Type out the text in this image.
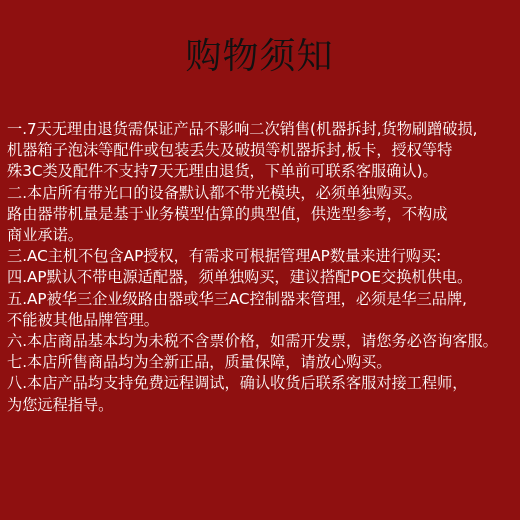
购物须知
一.7天无理由退货需保证产品不影响二次销售(机器拆封,货物刷蹭破损,
机器箱子泡沫等配件或包装丢失及破损等机器拆封,板卡，授权等特
殊3C类及配件不支持7天无理由退货，下单前可联系客服确认)。
二.本店所有带光口的设备默认都不带光模块，必须单独购买。
路由器带机量是基于业务模型估算的典型值，供选型参考，不构成
商业承诺。
三.AC主机不包含AP授权，有需求可根据管理AP数量来进行购买:
四.AP默认不带电源适配器，须单独购买，建议搭配POE交换机供电。
五.AP被华三企业级路由器或华三AC控制器来管理，必须是华三品牌,
不能被其他品牌管理。
六.本店商品基本均为未税不含票价格，如需开发票，请您务必咨询客服。
七.本店所售商品均为全新正品，质量保障，请放心购买。
八.本店产品均支持免费远程调试，确认收货后联系客服对接工程师，
为您远程指导。
